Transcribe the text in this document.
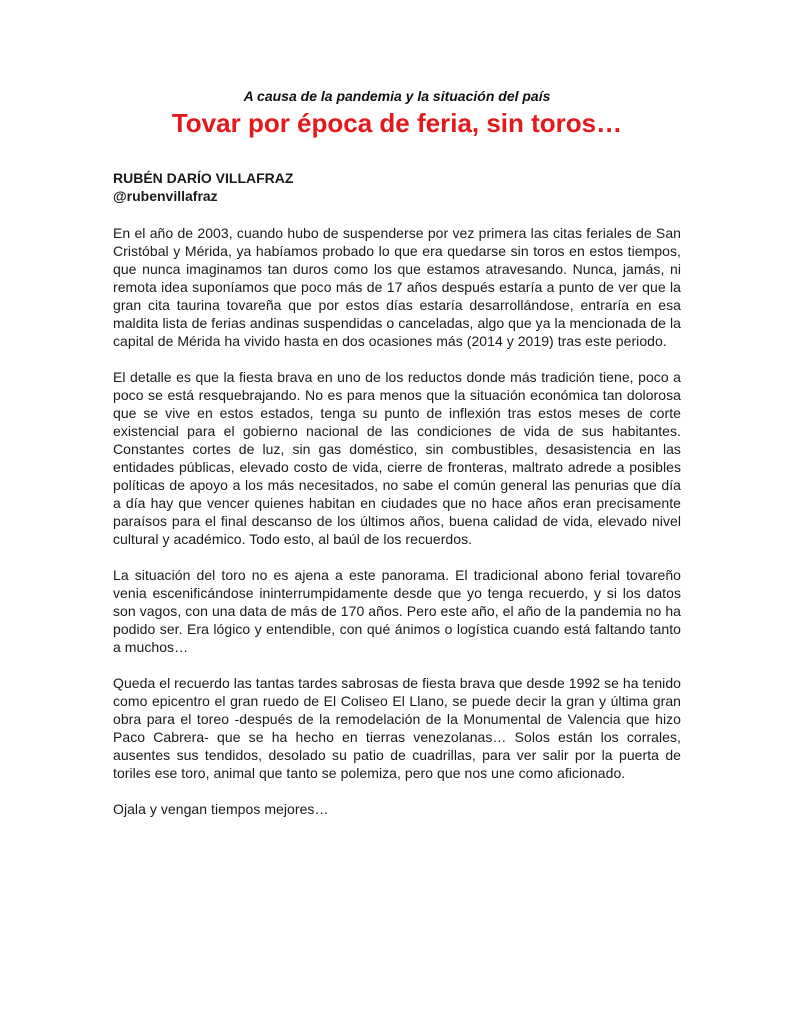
A causa de la pandemia y la situación del país

Tovar por época de feria, sin toros…
RUBÉN DARÍO VILLAFRAZ
@rubenvillafraz

En el año de 2003, cuando hubo de suspenderse por vez primera las citas feriales de San Cristóbal y Mérida, ya habíamos probado lo que era quedarse sin toros en estos tiempos, que nunca imaginamos tan duros como los que estamos atravesando. Nunca, jamás, ni remota idea suponíamos que poco más de 17 años después estaría a punto de ver que la gran cita taurina tovareña que por estos días estaría desarrollándose, entraría en esa maldita lista de ferias andinas suspendidas o canceladas, algo que ya la mencionada de la capital de Mérida ha vivido hasta en dos ocasiones más (2014 y 2019) tras este periodo.

El detalle es que la fiesta brava en uno de los reductos donde más tradición tiene, poco a poco se está resquebrajando. No es para menos que la situación económica tan dolorosa que se vive en estos estados, tenga su punto de inflexión tras estos meses de corte existencial para el gobierno nacional de las condiciones de vida de sus habitantes. Constantes cortes de luz, sin gas doméstico, sin combustibles, desasistencia en las entidades públicas, elevado costo de vida, cierre de fronteras, maltrato adrede a posibles políticas de apoyo a los más necesitados, no sabe el común general las penurias que día a día hay que vencer quienes habitan en ciudades que no hace años eran precisamente paraísos para el final descanso de los últimos años, buena calidad de vida, elevado nivel cultural y académico. Todo esto, al baúl de los recuerdos.

La situación del toro no es ajena a este panorama. El tradicional abono ferial tovareño venia escenificándose ininterrumpidamente desde que yo tenga recuerdo, y si los datos son vagos, con una data de más de 170 años. Pero este año, el año de la pandemia no ha podido ser. Era lógico y entendible, con qué ánimos o logística cuando está faltando tanto a muchos…

Queda el recuerdo las tantas tardes sabrosas de fiesta brava que desde 1992 se ha tenido como epicentro el gran ruedo de El Coliseo El Llano, se puede decir la gran y última gran obra para el toreo -después de la remodelación de la Monumental de Valencia que hizo Paco Cabrera- que se ha hecho en tierras venezolanas… Solos están los corrales, ausentes sus tendidos, desolado su patio de cuadrillas, para ver salir por la puerta de toriles ese toro, animal que tanto se polemiza, pero que nos une como aficionado.

Ojala y vengan tiempos mejores…
